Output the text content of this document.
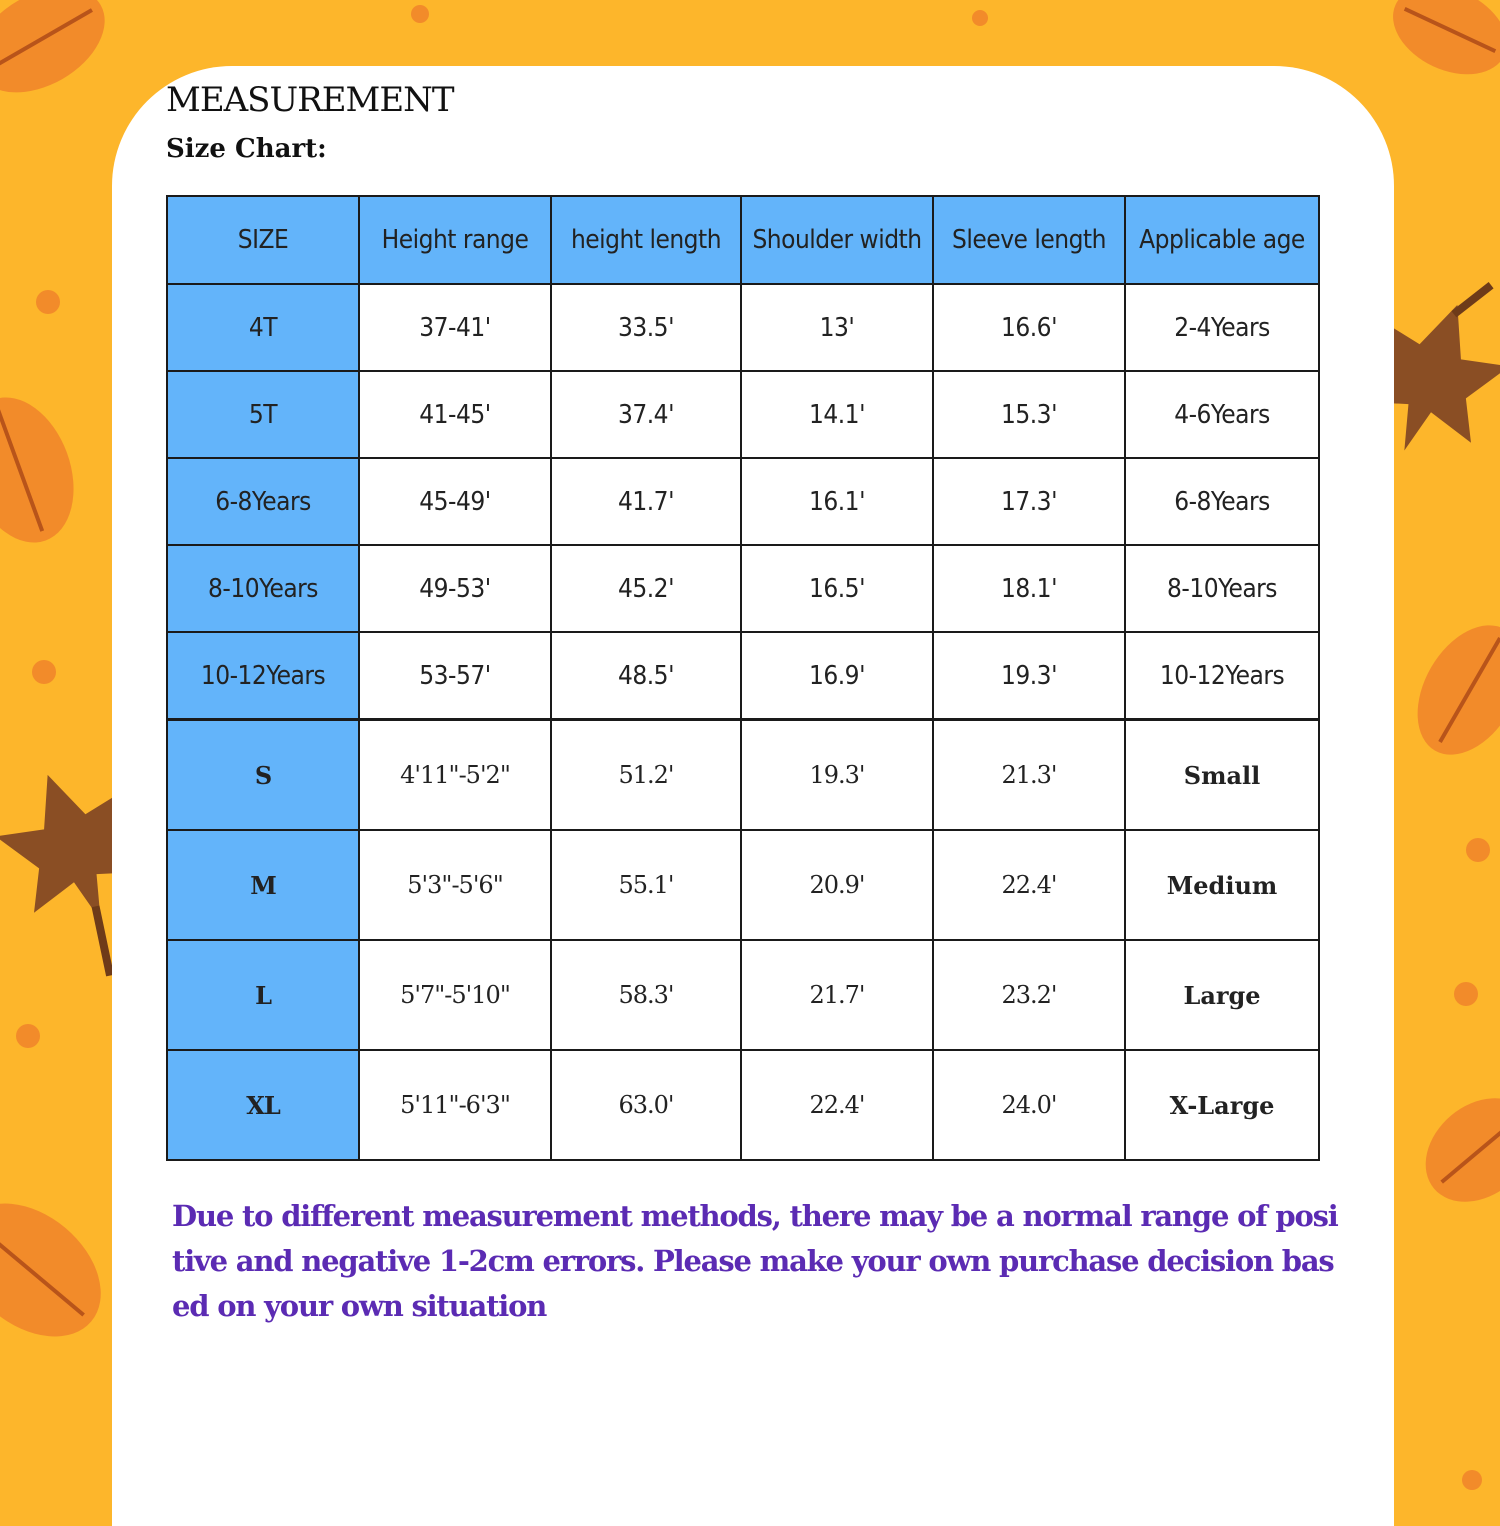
MEASUREMENT
Size Chart:
SIZE	Height range	height length	Shoulder width	Sleeve length	Applicable age
4T	37-41'	33.5'	13'	16.6'	2-4Years
5T	41-45'	37.4'	14.1'	15.3'	4-6Years
6-8Years	45-49'	41.7'	16.1'	17.3'	6-8Years
8-10Years	49-53'	45.2'	16.5'	18.1'	8-10Years
10-12Years	53-57'	48.5'	16.9'	19.3'	10-12Years
S	4'11"-5'2"	51.2'	19.3'	21.3'	Small
M	5'3"-5'6"	55.1'	20.9'	22.4'	Medium
L	5'7"-5'10"	58.3'	21.7'	23.2'	Large
XL	5'11"-6'3"	63.0'	22.4'	24.0'	X-Large
Due to different measurement methods, there may be a normal range of positive and negative 1-2cm errors. Please make your own purchase decision based on your own situation
